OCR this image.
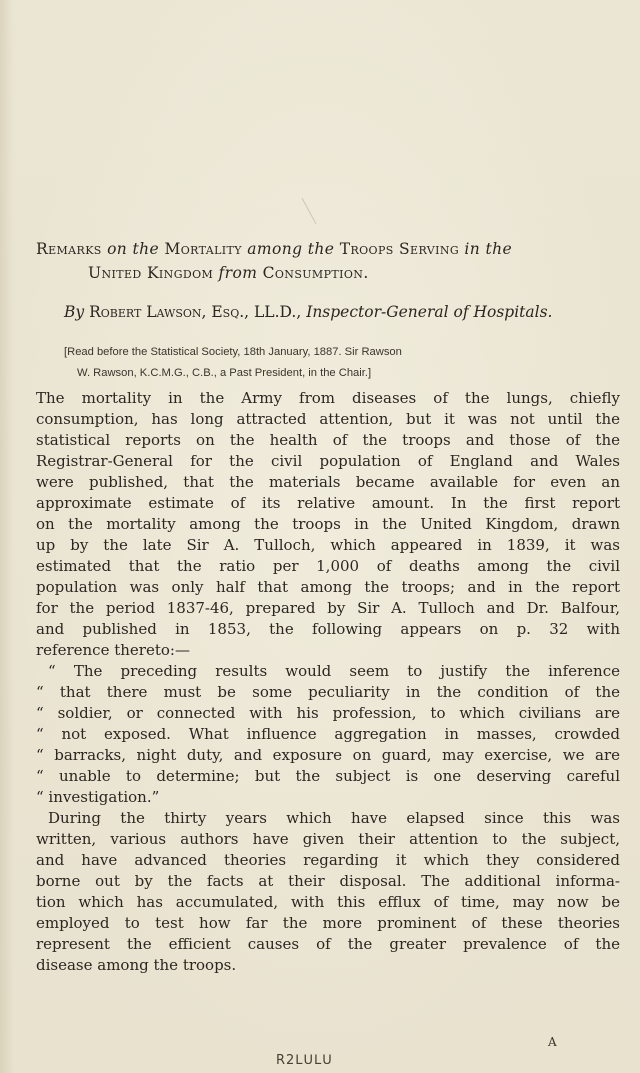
Remarks on the Mortality among the Troops Serving in the
United Kingdom from Consumption.
By Robert Lawson, Esq., LL.D., Inspector-General of Hospitals.
[Read before the Statistical Society, 18th January, 1887. Sir Rawson
W. Rawson, K.C.M.G., C.B., a Past President, in the Chair.]
The mortality in the Army from diseases of the lungs, chiefly
consumption, has long attracted attention, but it was not until the
statistical reports on the health of the troops and those of the
Registrar-General for the civil population of England and Wales
were published, that the materials became available for even an
approximate estimate of its relative amount. In the first report
on the mortality among the troops in the United Kingdom, drawn
up by the late Sir A. Tulloch, which appeared in 1839, it was
estimated that the ratio per 1,000 of deaths among the civil
population was only half that among the troops; and in the report
for the period 1837-46, prepared by Sir A. Tulloch and Dr. Balfour,
and published in 1853, the following appears on p. 32 with
reference thereto:—
“ The preceding results would seem to justify the inference
“ that there must be some peculiarity in the condition of the
“ soldier, or connected with his profession, to which civilians are
“ not exposed. What influence aggregation in masses, crowded
“ barracks, night duty, and exposure on guard, may exercise, we are
“ unable to determine; but the subject is one deserving careful
“ investigation.”
During the thirty years which have elapsed since this was
written, various authors have given their attention to the subject,
and have advanced theories regarding it which they considered
borne out by the facts at their disposal. The additional informa-
tion which has accumulated, with this efflux of time, may now be
employed to test how far the more prominent of these theories
represent the efficient causes of the greater prevalence of the
disease among the troops.
A
R2ᒪᑌᒪᑌ
